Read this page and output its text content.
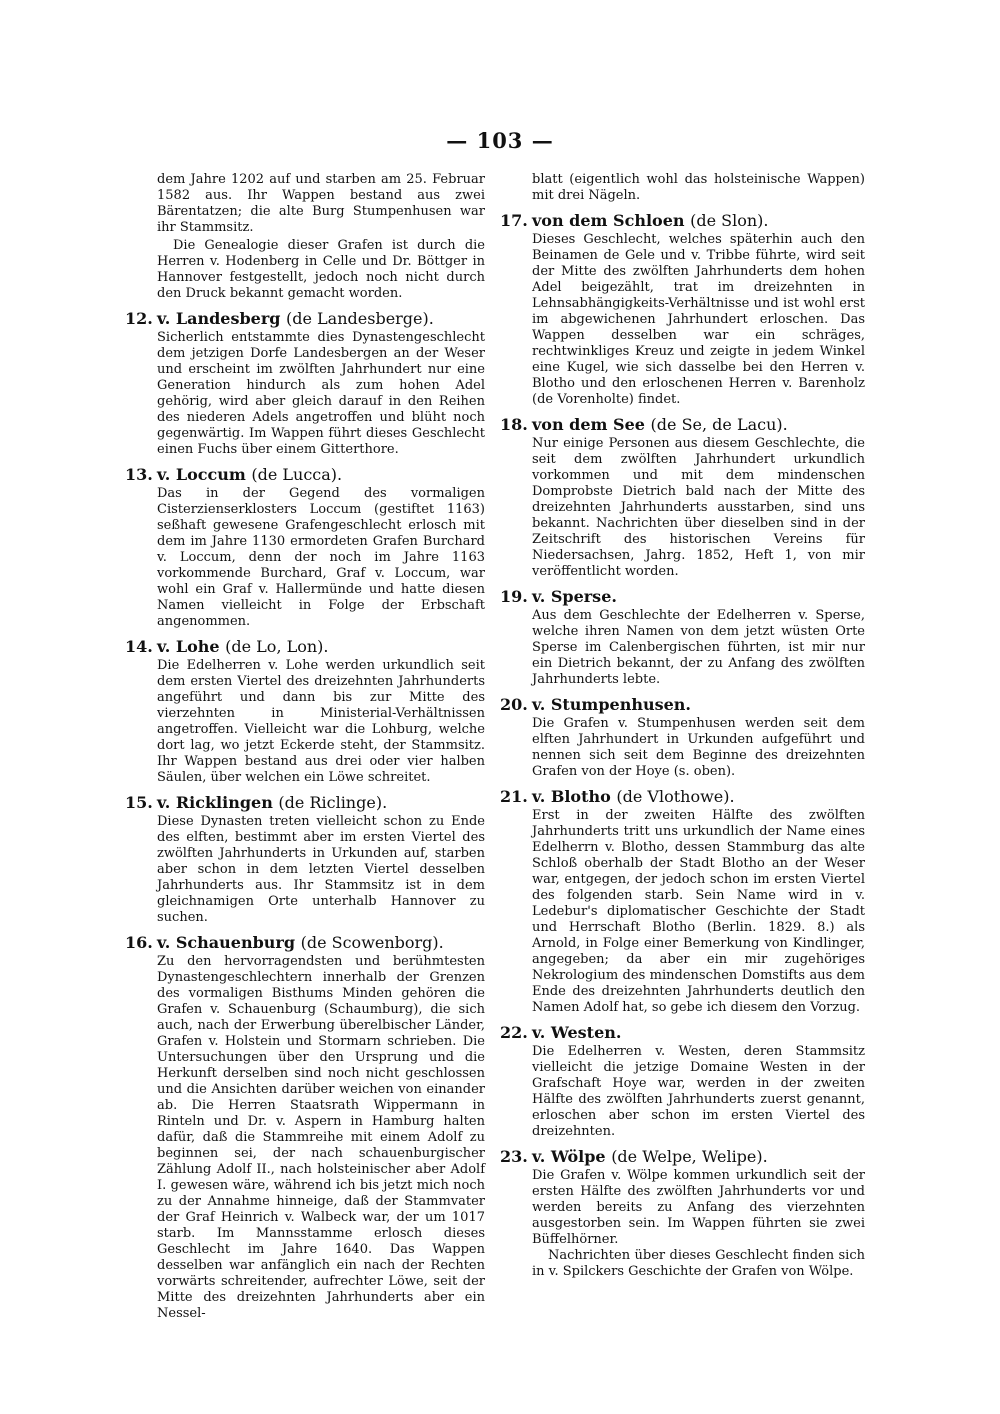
— 103 —

dem Jahre 1202 auf und starben am 25. Februar 1582 aus. Ihr Wappen bestand aus zwei Bärentatzen; die alte Burg Stumpenhusen war ihr Stammsitz.

Die Genealogie dieser Grafen ist durch die Herren v. Hodenberg in Celle und Dr. Böttger in Hannover festgestellt, jedoch noch nicht durch den Druck bekannt gemacht worden.

12. v. Landesberg (de Landesberge).

Sicherlich entstammte dies Dynastengeschlecht dem jetzigen Dorfe Landesbergen an der Weser und erscheint im zwölften Jahrhundert nur eine Generation hindurch als zum hohen Adel gehörig, wird aber gleich darauf in den Reihen des niederen Adels angetroffen und blüht noch gegenwärtig. Im Wappen führt dieses Geschlecht einen Fuchs über einem Gitterthore.

13. v. Loccum (de Lucca).

Das in der Gegend des vormaligen Cisterzienserklosters Loccum (gestiftet 1163) seßhaft gewesene Grafengeschlecht erlosch mit dem im Jahre 1130 ermordeten Grafen Burchard v. Loccum, denn der noch im Jahre 1163 vorkommende Burchard, Graf v. Loccum, war wohl ein Graf v. Hallermünde und hatte diesen Namen vielleicht in Folge der Erbschaft angenommen.

14. v. Lohe (de Lo, Lon).

Die Edelherren v. Lohe werden urkundlich seit dem ersten Viertel des dreizehnten Jahrhunderts angeführt und dann bis zur Mitte des vierzehnten in Ministerial-Verhältnissen angetroffen. Vielleicht war die Lohburg, welche dort lag, wo jetzt Eckerde steht, der Stammsitz. Ihr Wappen bestand aus drei oder vier halben Säulen, über welchen ein Löwe schreitet.

15. v. Ricklingen (de Riclinge).

Diese Dynasten treten vielleicht schon zu Ende des elften, bestimmt aber im ersten Viertel des zwölften Jahrhunderts in Urkunden auf, starben aber schon in dem letzten Viertel desselben Jahrhunderts aus. Ihr Stammsitz ist in dem gleichnamigen Orte unterhalb Hannover zu suchen.

16. v. Schauenburg (de Scowenborg).

Zu den hervorragendsten und berühmtesten Dynastengeschlechtern innerhalb der Grenzen des vormaligen Bisthums Minden gehören die Grafen v. Schauenburg (Schaumburg), die sich auch, nach der Erwerbung überelbischer Länder, Grafen v. Holstein und Stormarn schrieben. Die Untersuchungen über den Ursprung und die Herkunft derselben sind noch nicht geschlossen und die Ansichten darüber weichen von einander ab. Die Herren Staatsrath Wippermann in Rinteln und Dr. v. Aspern in Hamburg halten dafür, daß die Stammreihe mit einem Adolf zu beginnen sei, der nach schauenburgischer Zählung Adolf II., nach holsteinischer aber Adolf I. gewesen wäre, während ich bis jetzt mich noch zu der Annahme hinneige, daß der Stammvater der Graf Heinrich v. Walbeck war, der um 1017 starb. Im Mannsstamme erlosch dieses Geschlecht im Jahre 1640. Das Wappen desselben war anfänglich ein nach der Rechten vorwärts schreitender, aufrechter Löwe, seit der Mitte des dreizehnten Jahrhunderts aber ein Nessel-

blatt (eigentlich wohl das holsteinische Wappen) mit drei Nägeln.

17. von dem Schloen (de Slon).

Dieses Geschlecht, welches späterhin auch den Beinamen de Gele und v. Tribbe führte, wird seit der Mitte des zwölften Jahrhunderts dem hohen Adel beigezählt, trat im dreizehnten in Lehnsabhängigkeits-Verhältnisse und ist wohl erst im abgewichenen Jahrhundert erloschen. Das Wappen desselben war ein schräges, rechtwinkliges Kreuz und zeigte in jedem Winkel eine Kugel, wie sich dasselbe bei den Herren v. Blotho und den erloschenen Herren v. Barenholz (de Vorenholte) findet.

18. von dem See (de Se, de Lacu).

Nur einige Personen aus diesem Geschlechte, die seit dem zwölften Jahrhundert urkundlich vorkommen und mit dem mindenschen Domprobste Dietrich bald nach der Mitte des dreizehnten Jahrhunderts ausstarben, sind uns bekannt. Nachrichten über dieselben sind in der Zeitschrift des historischen Vereins für Niedersachsen, Jahrg. 1852, Heft 1, von mir veröffentlicht worden.

19. v. Sperse.

Aus dem Geschlechte der Edelherren v. Sperse, welche ihren Namen von dem jetzt wüsten Orte Sperse im Calenbergischen führten, ist mir nur ein Dietrich bekannt, der zu Anfang des zwölften Jahrhunderts lebte.

20. v. Stumpenhusen.

Die Grafen v. Stumpenhusen werden seit dem elften Jahrhundert in Urkunden aufgeführt und nennen sich seit dem Beginne des dreizehnten Grafen von der Hoye (s. oben).

21. v. Blotho (de Vlothowe).

Erst in der zweiten Hälfte des zwölften Jahrhunderts tritt uns urkundlich der Name eines Edelherrn v. Blotho, dessen Stammburg das alte Schloß oberhalb der Stadt Blotho an der Weser war, entgegen, der jedoch schon im ersten Viertel des folgenden starb. Sein Name wird in v. Ledebur's diplomatischer Geschichte der Stadt und Herrschaft Blotho (Berlin. 1829. 8.) als Arnold, in Folge einer Bemerkung von Kindlinger, angegeben; da aber ein mir zugehöriges Nekrologium des mindenschen Domstifts aus dem Ende des dreizehnten Jahrhunderts deutlich den Namen Adolf hat, so gebe ich diesem den Vorzug.

22. v. Westen.

Die Edelherren v. Westen, deren Stammsitz vielleicht die jetzige Domaine Westen in der Grafschaft Hoye war, werden in der zweiten Hälfte des zwölften Jahrhunderts zuerst genannt, erloschen aber schon im ersten Viertel des dreizehnten.

23. v. Wölpe (de Welpe, Welipe).

Die Grafen v. Wölpe kommen urkundlich seit der ersten Hälfte des zwölften Jahrhunderts vor und werden bereits zu Anfang des vierzehnten ausgestorben sein. Im Wappen führten sie zwei Büffelhörner.

Nachrichten über dieses Geschlecht finden sich in v. Spilckers Geschichte der Grafen von Wölpe.
